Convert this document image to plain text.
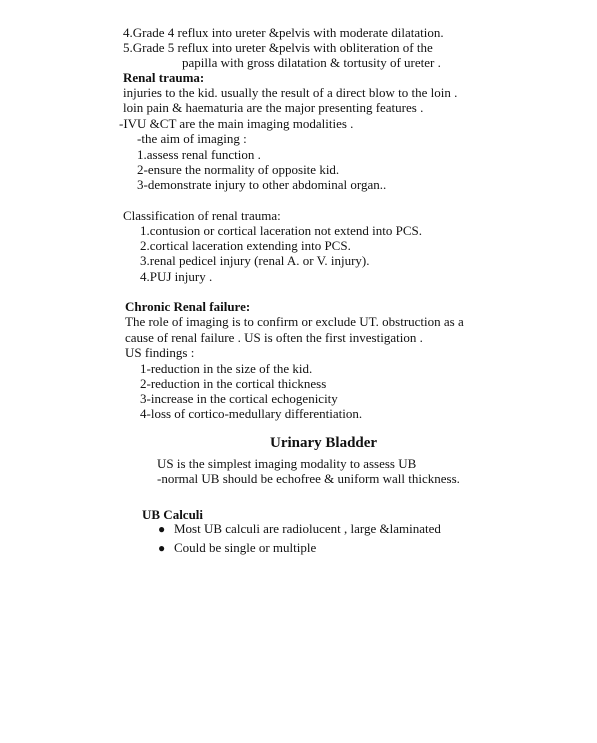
4.Grade 4 reflux into ureter &pelvis with moderate dilatation.
5.Grade 5 reflux into ureter &pelvis with obliteration of the
papilla with gross dilatation & tortusity of ureter .
Renal trauma:
injuries to the kid. usually the result of a direct blow to the loin .
loin pain & haematuria are the major presenting features .
-IVU &CT are the main imaging modalities .
-the aim of imaging :
1.assess renal function .
2-ensure the normality of opposite kid.
3-demonstrate injury to other abdominal organ..
Classification of renal trauma:
1.contusion or cortical laceration not extend into PCS.
2.cortical laceration extending into PCS.
3.renal pedicel injury (renal A. or V. injury).
4.PUJ injury .
Chronic Renal failure:
The role of imaging is to confirm or exclude UT. obstruction as a
cause of renal failure . US is often the first investigation .
US findings :
1-reduction in the size of the kid.
2-reduction in the cortical thickness
3-increase in the cortical echogenicity
4-loss of cortico-medullary differentiation.
Urinary Bladder
US is the simplest imaging modality to assess UB
-normal UB should be echofree & uniform wall thickness.
UB Calculi
● Most UB calculi are radiolucent , large &laminated
● Could be single or multiple
